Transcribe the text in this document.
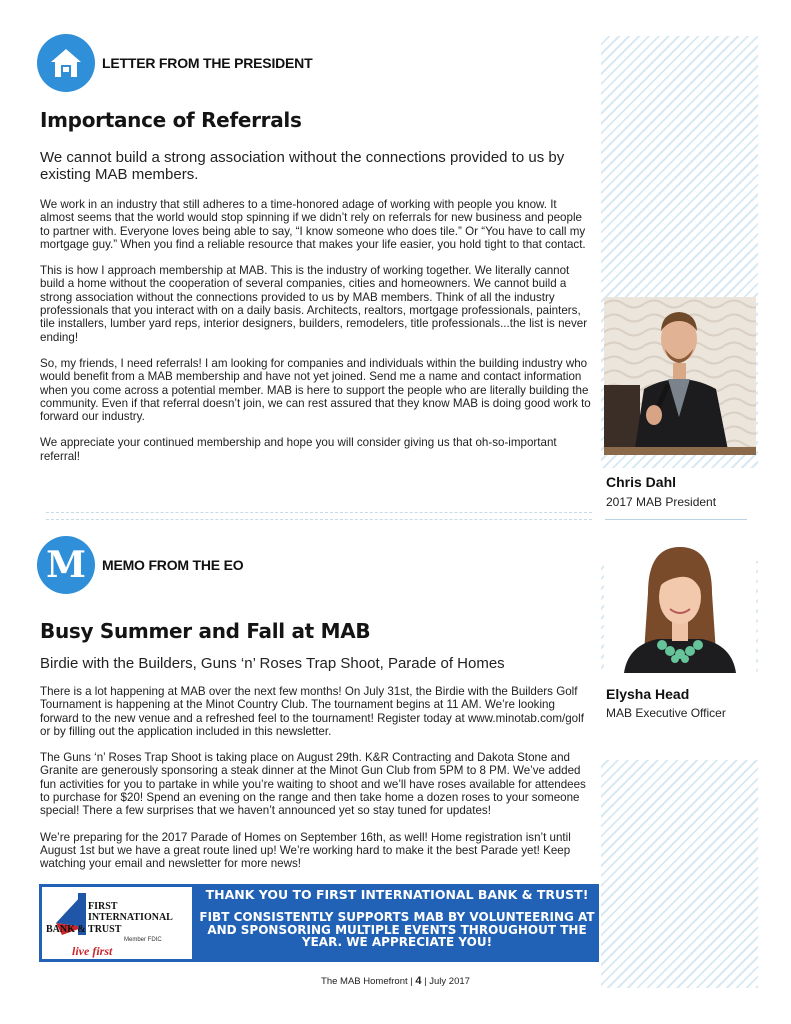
LETTER FROM THE PRESIDENT
Importance of Referrals
We cannot build a strong association without the connections provided to us by existing MAB members.

We work in an industry that still adheres to a time-honored adage of working with people you know. It almost seems that the world would stop spinning if we didn’t rely on referrals for new business and people to partner with. Everyone loves being able to say, “I know someone who does tile.” Or “You have to call my mortgage guy.” When you find a reliable resource that makes your life easier, you hold tight to that contact.

This is how I approach membership at MAB. This is the industry of working together. We literally cannot build a home without the cooperation of several companies, cities and homeowners. We cannot build a strong association without the connections provided to us by MAB members. Think of all the industry professionals that you interact with on a daily basis. Architects, realtors, mortgage professionals, painters, tile installers, lumber yard reps, interior designers, builders, remodelers, title professionals...the list is never ending!

So, my friends, I need referrals! I am looking for companies and individuals within the building industry who would benefit from a MAB membership and have not yet joined. Send me a name and contact information when you come across a potential member. MAB is here to support the people who are literally building the community. Even if that referral doesn’t join, we can rest assured that they know MAB is doing good work to forward our industry.

We appreciate your continued membership and hope you will consider giving us that oh-so-important referral!

M MEMO FROM THE EO
Busy Summer and Fall at MAB
Birdie with the Builders, Guns ‘n’ Roses Trap Shoot, Parade of Homes

There is a lot happening at MAB over the next few months! On July 31st, the Birdie with the Builders Golf Tournament is happening at the Minot Country Club. The tournament begins at 11 AM. We’re looking forward to the new venue and a refreshed feel to the tournament! Register today at www.minotab.com/golf or by filling out the application included in this newsletter.

The Guns ‘n’ Roses Trap Shoot is taking place on August 29th. K&R Contracting and Dakota Stone and Granite are generously sponsoring a steak dinner at the Minot Gun Club from 5PM to 8 PM. We’ve added fun activities for you to partake in while you’re waiting to shoot and we’ll have roses available for attendees to purchase for $20! Spend an evening on the range and then take home a dozen roses to your someone special! There a few surprises that we haven’t announced yet so stay tuned for updates!

We’re preparing for the 2017 Parade of Homes on September 16th, as well! Home registration isn’t until August 1st but we have a great route lined up! We’re working hard to make it the best Parade yet! Keep watching your email and newsletter for more news!

Chris Dahl
2017 MAB President
Elysha Head
MAB Executive Officer
FIRST
INTERNATIONAL
BANK & TRUST
Member FDIC
live first
THANK YOU TO FIRST INTERNATIONAL BANK & TRUST!
FIBT CONSISTENTLY SUPPORTS MAB BY VOLUNTEERING AT AND SPONSORING MULTIPLE EVENTS THROUGHOUT THE YEAR. WE APPRECIATE YOU!
The MAB Homefront | 4 | July 2017
